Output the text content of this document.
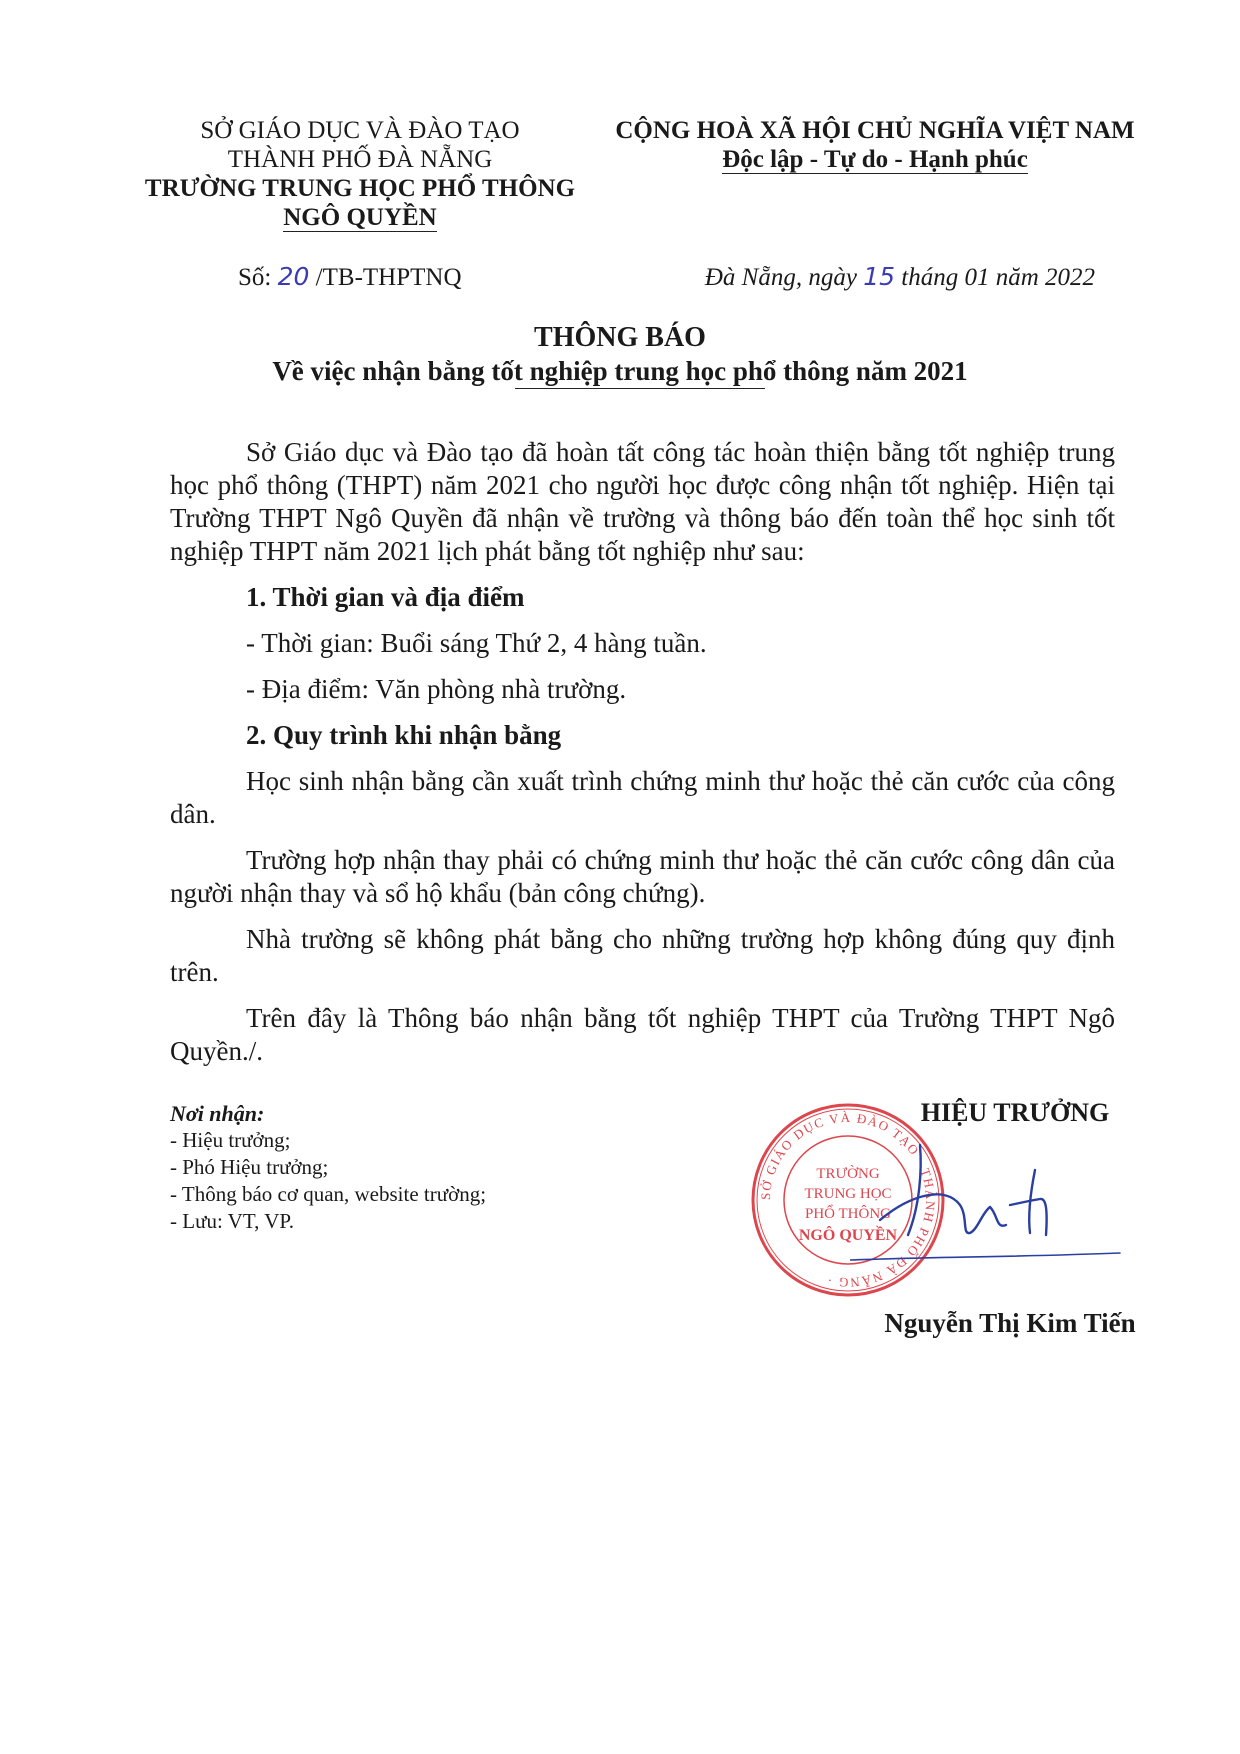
SỞ GIÁO DỤC VÀ ĐÀO TẠO
THÀNH PHỐ ĐÀ NẴNG
TRƯỜNG TRUNG HỌC PHỔ THÔNG
NGÔ QUYỀN
CỘNG HOÀ XÃ HỘI CHỦ NGHĨA VIỆT NAM
Độc lập - Tự do - Hạnh phúc
Số: 20 /TB-THPTNQ	Đà Nẵng, ngày 15 tháng 01 năm 2022
THÔNG BÁO
Về việc nhận bằng tốt nghiệp trung học phổ thông năm 2021

Sở Giáo dục và Đào tạo đã hoàn tất công tác hoàn thiện bằng tốt nghiệp trung học phổ thông (THPT) năm 2021 cho người học được công nhận tốt nghiệp. Hiện tại Trường THPT Ngô Quyền đã nhận về trường và thông báo đến toàn thể học sinh tốt nghiệp THPT năm 2021 lịch phát bằng tốt nghiệp như sau:

1. Thời gian và địa điểm

- Thời gian: Buổi sáng Thứ 2, 4 hàng tuần.

- Địa điểm: Văn phòng nhà trường.

2. Quy trình khi nhận bằng

Học sinh nhận bằng cần xuất trình chứng minh thư hoặc thẻ căn cước của công dân.

Trường hợp nhận thay phải có chứng minh thư hoặc thẻ căn cước công dân của người nhận thay và sổ hộ khẩu (bản công chứng).

Nhà trường sẽ không phát bằng cho những trường hợp không đúng quy định trên.

Trên đây là Thông báo nhận bằng tốt nghiệp THPT của Trường THPT Ngô Quyền./.

Nơi nhận:
- Hiệu trưởng;
- Phó Hiệu trưởng;
- Thông báo cơ quan, website trường;
- Lưu: VT, VP.
SỞ GIÁO DỤC VÀ ĐÀO TẠO · THÀNH PHỐ ĐÀ NẴNG ·
TRƯỜNG
TRUNG HỌC
PHỔ THÔNG
NGÔ QUYỀN
HIỆU TRƯỞNG
Nguyễn Thị Kim Tiến
